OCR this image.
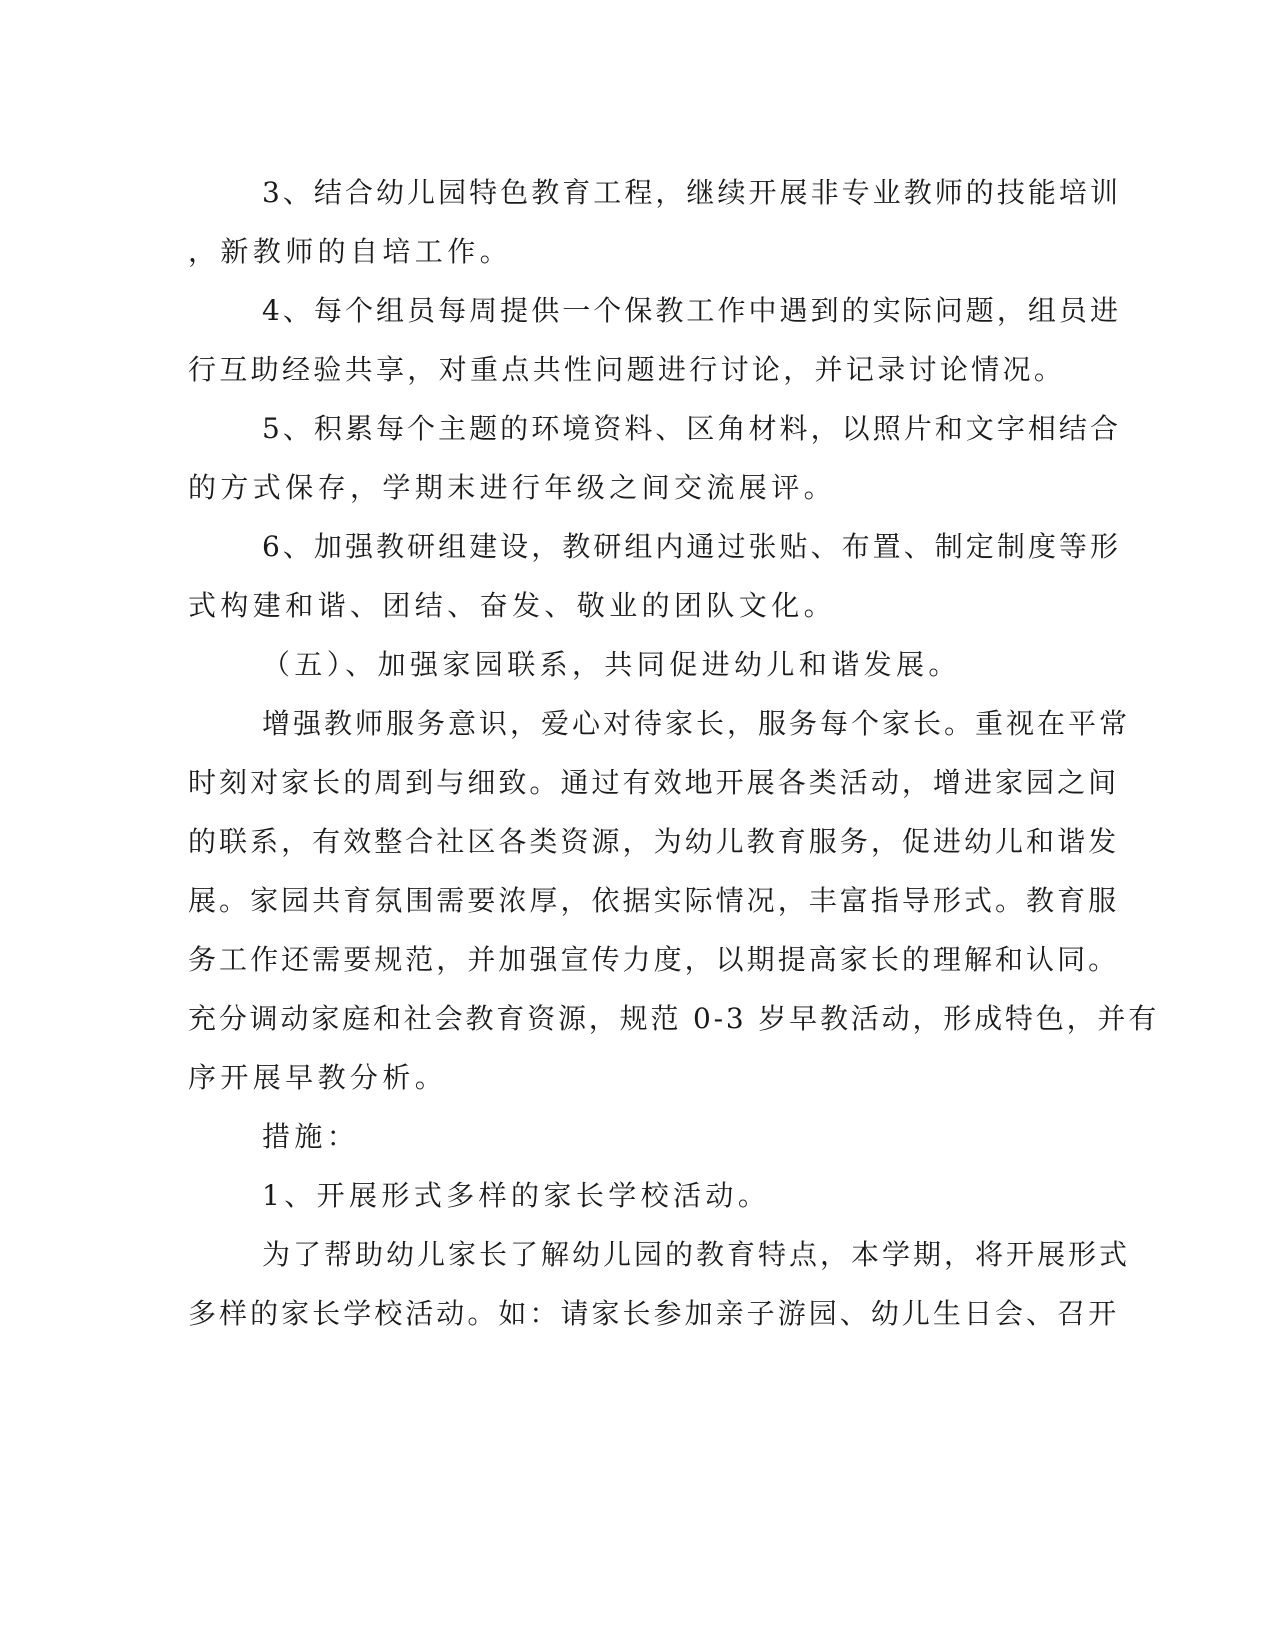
3、结合幼儿园特色教育工程，继续开展非专业教师的技能培训
，新教师的自培工作。
4、每个组员每周提供一个保教工作中遇到的实际问题，组员进
行互助经验共享，对重点共性问题进行讨论，并记录讨论情况。
5、积累每个主题的环境资料、区角材料，以照片和文字相结合
的方式保存，学期末进行年级之间交流展评。
6、加强教研组建设，教研组内通过张贴、布置、制定制度等形
式构建和谐、团结、奋发、敬业的团队文化。
（五）、加强家园联系，共同促进幼儿和谐发展。
增强教师服务意识，爱心对待家长，服务每个家长。重视在平常
时刻对家长的周到与细致。通过有效地开展各类活动，增进家园之间
的联系，有效整合社区各类资源，为幼儿教育服务，促进幼儿和谐发
展。家园共育氛围需要浓厚，依据实际情况，丰富指导形式。教育服
务工作还需要规范，并加强宣传力度，以期提高家长的理解和认同。
充分调动家庭和社会教育资源，规范 0-3 岁早教活动，形成特色，并有
序开展早教分析。
措施：
1、开展形式多样的家长学校活动。
为了帮助幼儿家长了解幼儿园的教育特点，本学期，将开展形式
多样的家长学校活动。如：请家长参加亲子游园、幼儿生日会、召开
